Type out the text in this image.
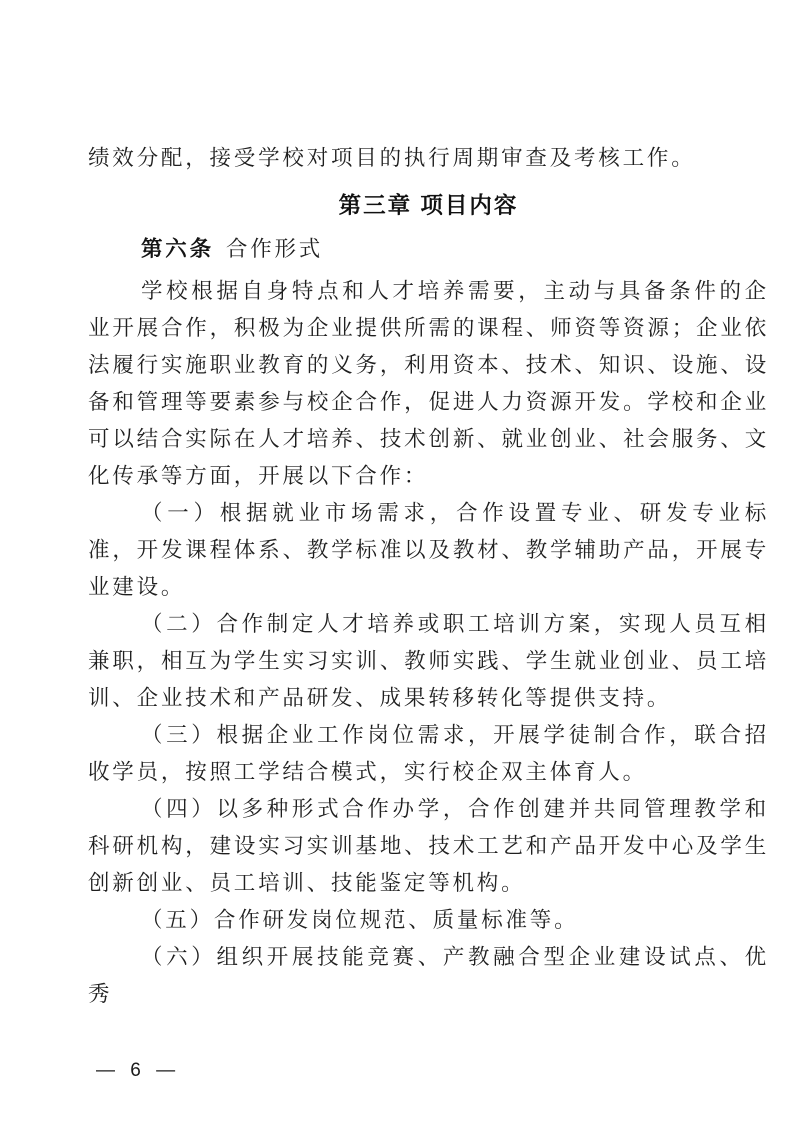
绩效分配，接受学校对项目的执行周期审查及考核工作。

第三章 项目内容

第六条 合作形式

学校根据自身特点和人才培养需要，主动与具备条件的企业开展合作，积极为企业提供所需的课程、师资等资源；企业依法履行实施职业教育的义务，利用资本、技术、知识、设施、设备和管理等要素参与校企合作，促进人力资源开发。学校和企业可以结合实际在人才培养、技术创新、就业创业、社会服务、文化传承等方面，开展以下合作：

（一）根据就业市场需求，合作设置专业、研发专业标准，开发课程体系、教学标准以及教材、教学辅助产品，开展专业建设。

（二）合作制定人才培养或职工培训方案，实现人员互相兼职，相互为学生实习实训、教师实践、学生就业创业、员工培训、企业技术和产品研发、成果转移转化等提供支持。

（三）根据企业工作岗位需求，开展学徒制合作，联合招收学员，按照工学结合模式，实行校企双主体育人。

（四）以多种形式合作办学，合作创建并共同管理教学和科研机构，建设实习实训基地、技术工艺和产品开发中心及学生创新创业、员工培训、技能鉴定等机构。

（五）合作研发岗位规范、质量标准等。

（六）组织开展技能竞赛、产教融合型企业建设试点、优秀

— 6 —
